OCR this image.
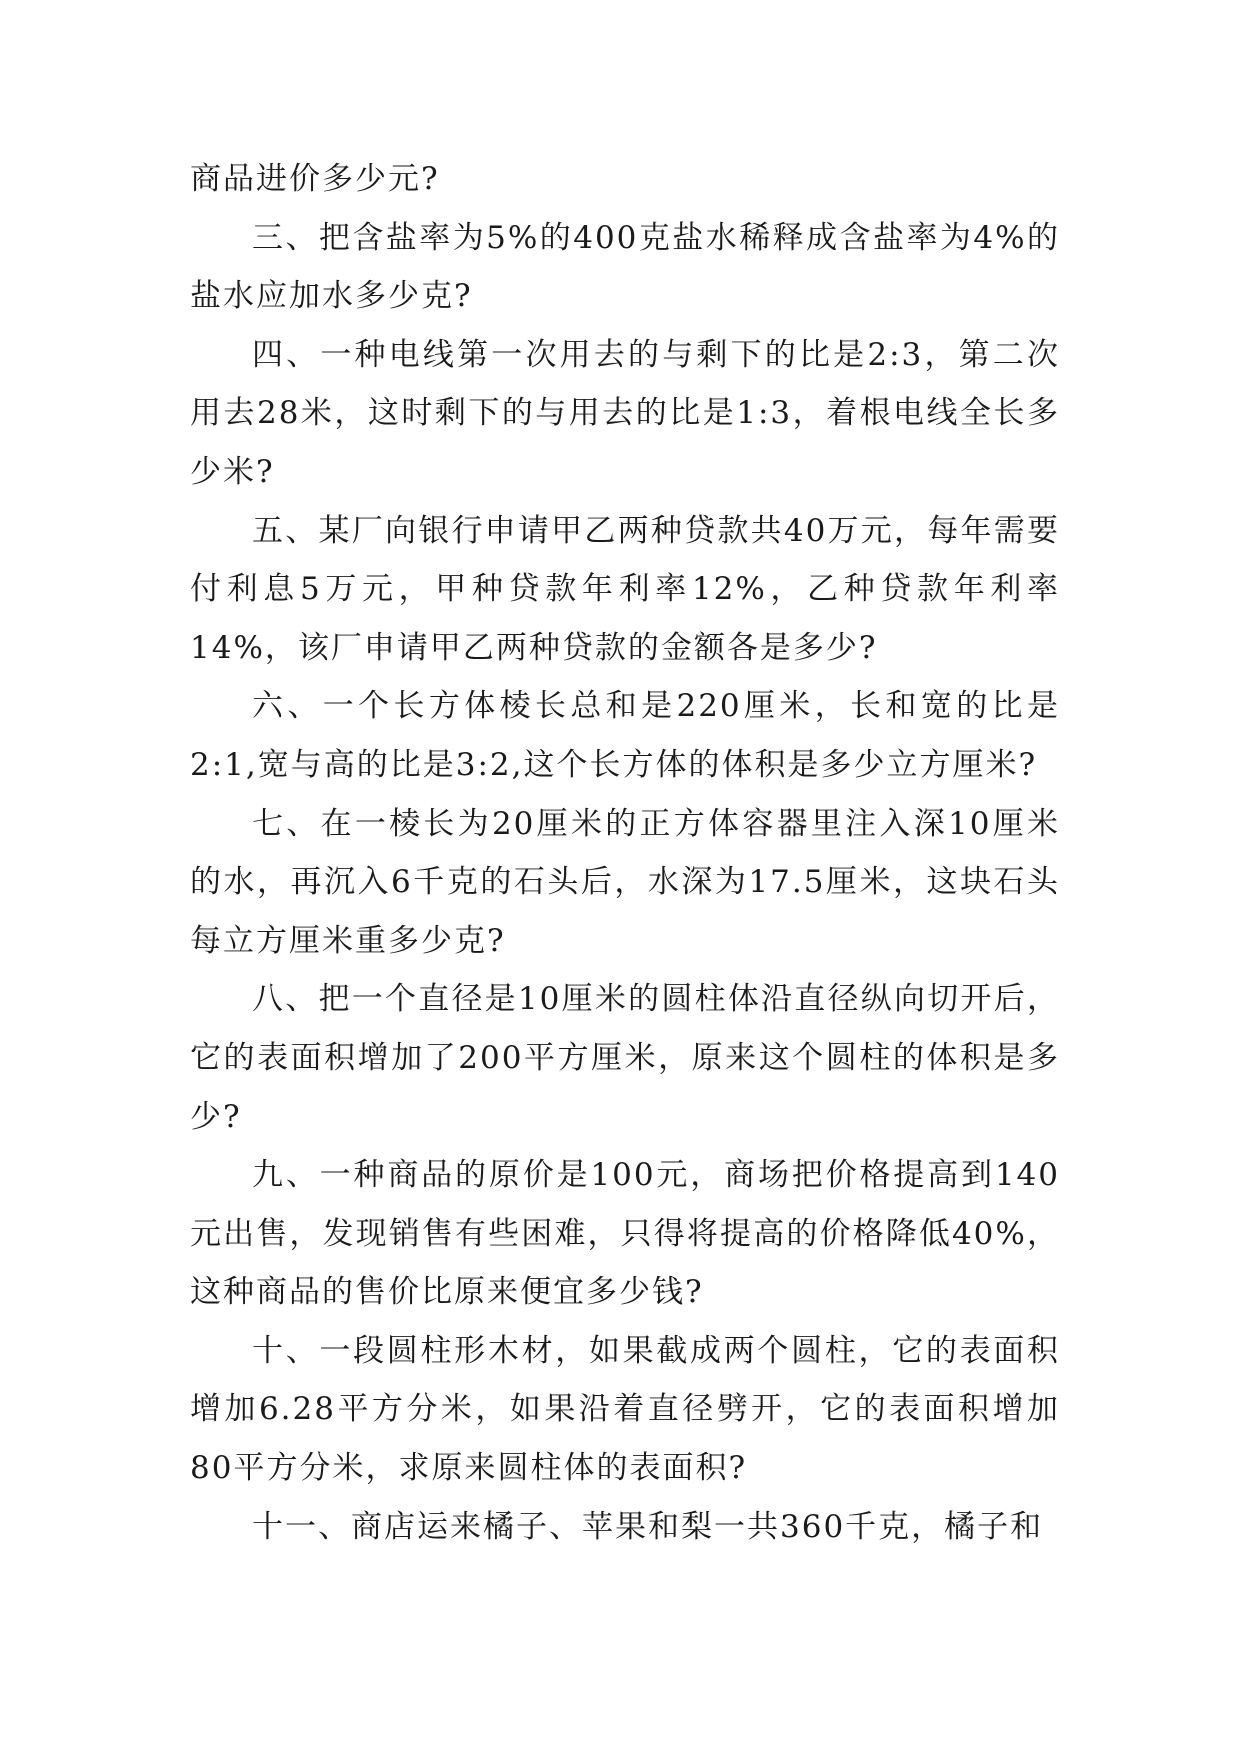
商品进价多少元?

三、把含盐率为5%的400克盐水稀释成含盐率为4%的盐水应加水多少克?

四、一种电线第一次用去的与剩下的比是2:3，第二次用去28米，这时剩下的与用去的比是1:3，着根电线全长多少米?

五、某厂向银行申请甲乙两种贷款共40万元，每年需要付利息5万元，甲种贷款年利率12%，乙种贷款年利率14%，该厂申请甲乙两种贷款的金额各是多少?

六、一个长方体棱长总和是220厘米，长和宽的比是2:1,宽与高的比是3:2,这个长方体的体积是多少立方厘米?

七、在一棱长为20厘米的正方体容器里注入深10厘米的水，再沉入6千克的石头后，水深为17.5厘米，这块石头每立方厘米重多少克?

八、把一个直径是10厘米的圆柱体沿直径纵向切开后，它的表面积增加了200平方厘米，原来这个圆柱的体积是多少?

九、一种商品的原价是100元，商场把价格提高到140元出售，发现销售有些困难，只得将提高的价格降低40%，这种商品的售价比原来便宜多少钱?

十、一段圆柱形木材，如果截成两个圆柱，它的表面积增加6.28平方分米，如果沿着直径劈开，它的表面积增加80平方分米，求原来圆柱体的表面积?

十一、商店运来橘子、苹果和梨一共360千克，橘子和
